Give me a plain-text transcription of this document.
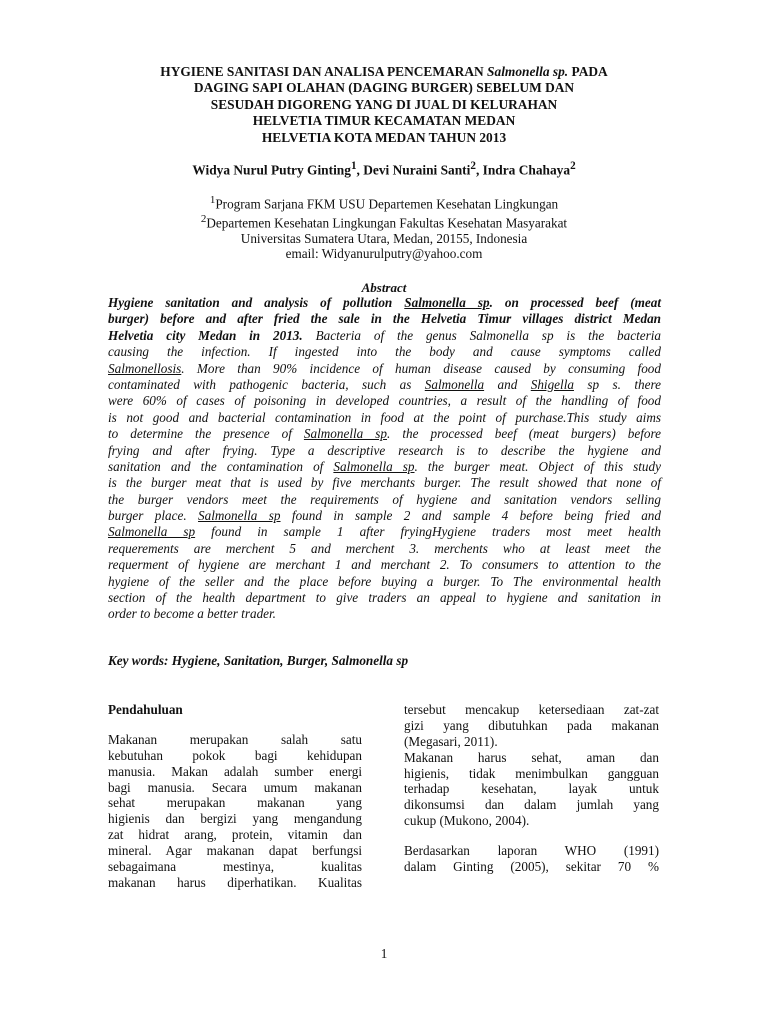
HYGIENE SANITASI DAN ANALISA PENCEMARAN Salmonella sp. PADA
DAGING SAPI OLAHAN (DAGING BURGER) SEBELUM DAN
SESUDAH DIGORENG YANG DI JUAL DI KELURAHAN
HELVETIA TIMUR KECAMATAN MEDAN
HELVETIA KOTA MEDAN TAHUN 2013
Widya Nurul Putry Ginting$^1$, Devi Nuraini Santi$^2$, Indra Chahaya$^2$
$^1$Program Sarjana FKM USU Departemen Kesehatan Lingkungan
$^2$Departemen Kesehatan Lingkungan Fakultas Kesehatan Masyarakat
Universitas Sumatera Utara, Medan, 20155, Indonesia
email: Widyanurulputry@yahoo.com
Abstract
Hygiene sanitation and analysis of pollution Salmonella sp. on processed beef (meat
burger) before and after fried the sale in the Helvetia Timur villages district Medan
Helvetia city Medan in 2013. Bacteria of the genus Salmonella sp is the bacteria
causing the infection. If ingested into the body and cause symptoms called
Salmonellosis. More than 90% incidence of human disease caused by consuming food
contaminated with pathogenic bacteria, such as Salmonella and Shigella sp s. there
were 60% of cases of poisoning in developed countries, a result of the handling of food
is not good and bacterial contamination in food at the point of purchase.This study aims
to determine the presence of Salmonella sp. the processed beef (meat burgers) before
frying and after frying. Type a descriptive research is to describe the hygiene and
sanitation and the contamination of Salmonella sp. the burger meat. Object of this study
is the burger meat that is used by five merchants burger. The result showed that none of
the burger vendors meet the requirements of hygiene and sanitation vendors selling
burger place. Salmonella sp found in sample 2 and sample 4 before being fried and
Salmonella sp found in sample 1 after fryingHygiene traders most meet health
requerements are merchent 5 and merchent 3. merchents who at least meet the
requerment of hygiene are merchant 1 and merchant 2. To consumers to attention to the
hygiene of the seller and the place before buying a burger. To The environmental health
section of the health department to give traders an appeal to hygiene and sanitation in
order to become a better trader.
Key words: Hygiene, Sanitation, Burger, Salmonella sp
Pendahuluan
Makanan merupakan salah satu
kebutuhan pokok bagi kehidupan
manusia. Makan adalah sumber energi
bagi manusia. Secara umum makanan
sehat merupakan makanan yang
higienis dan bergizi yang mengandung
zat hidrat arang, protein, vitamin dan
mineral. Agar makanan dapat berfungsi
sebagaimana mestinya, kualitas
makanan harus diperhatikan. Kualitas
tersebut mencakup ketersediaan zat-zat
gizi yang dibutuhkan pada makanan
(Megasari, 2011).
Makanan harus sehat, aman dan
higienis, tidak menimbulkan gangguan
terhadap kesehatan, layak untuk
dikonsumsi dan dalam jumlah yang
cukup (Mukono, 2004).
Berdasarkan laporan WHO (1991)
dalam Ginting (2005), sekitar 70 %
1
